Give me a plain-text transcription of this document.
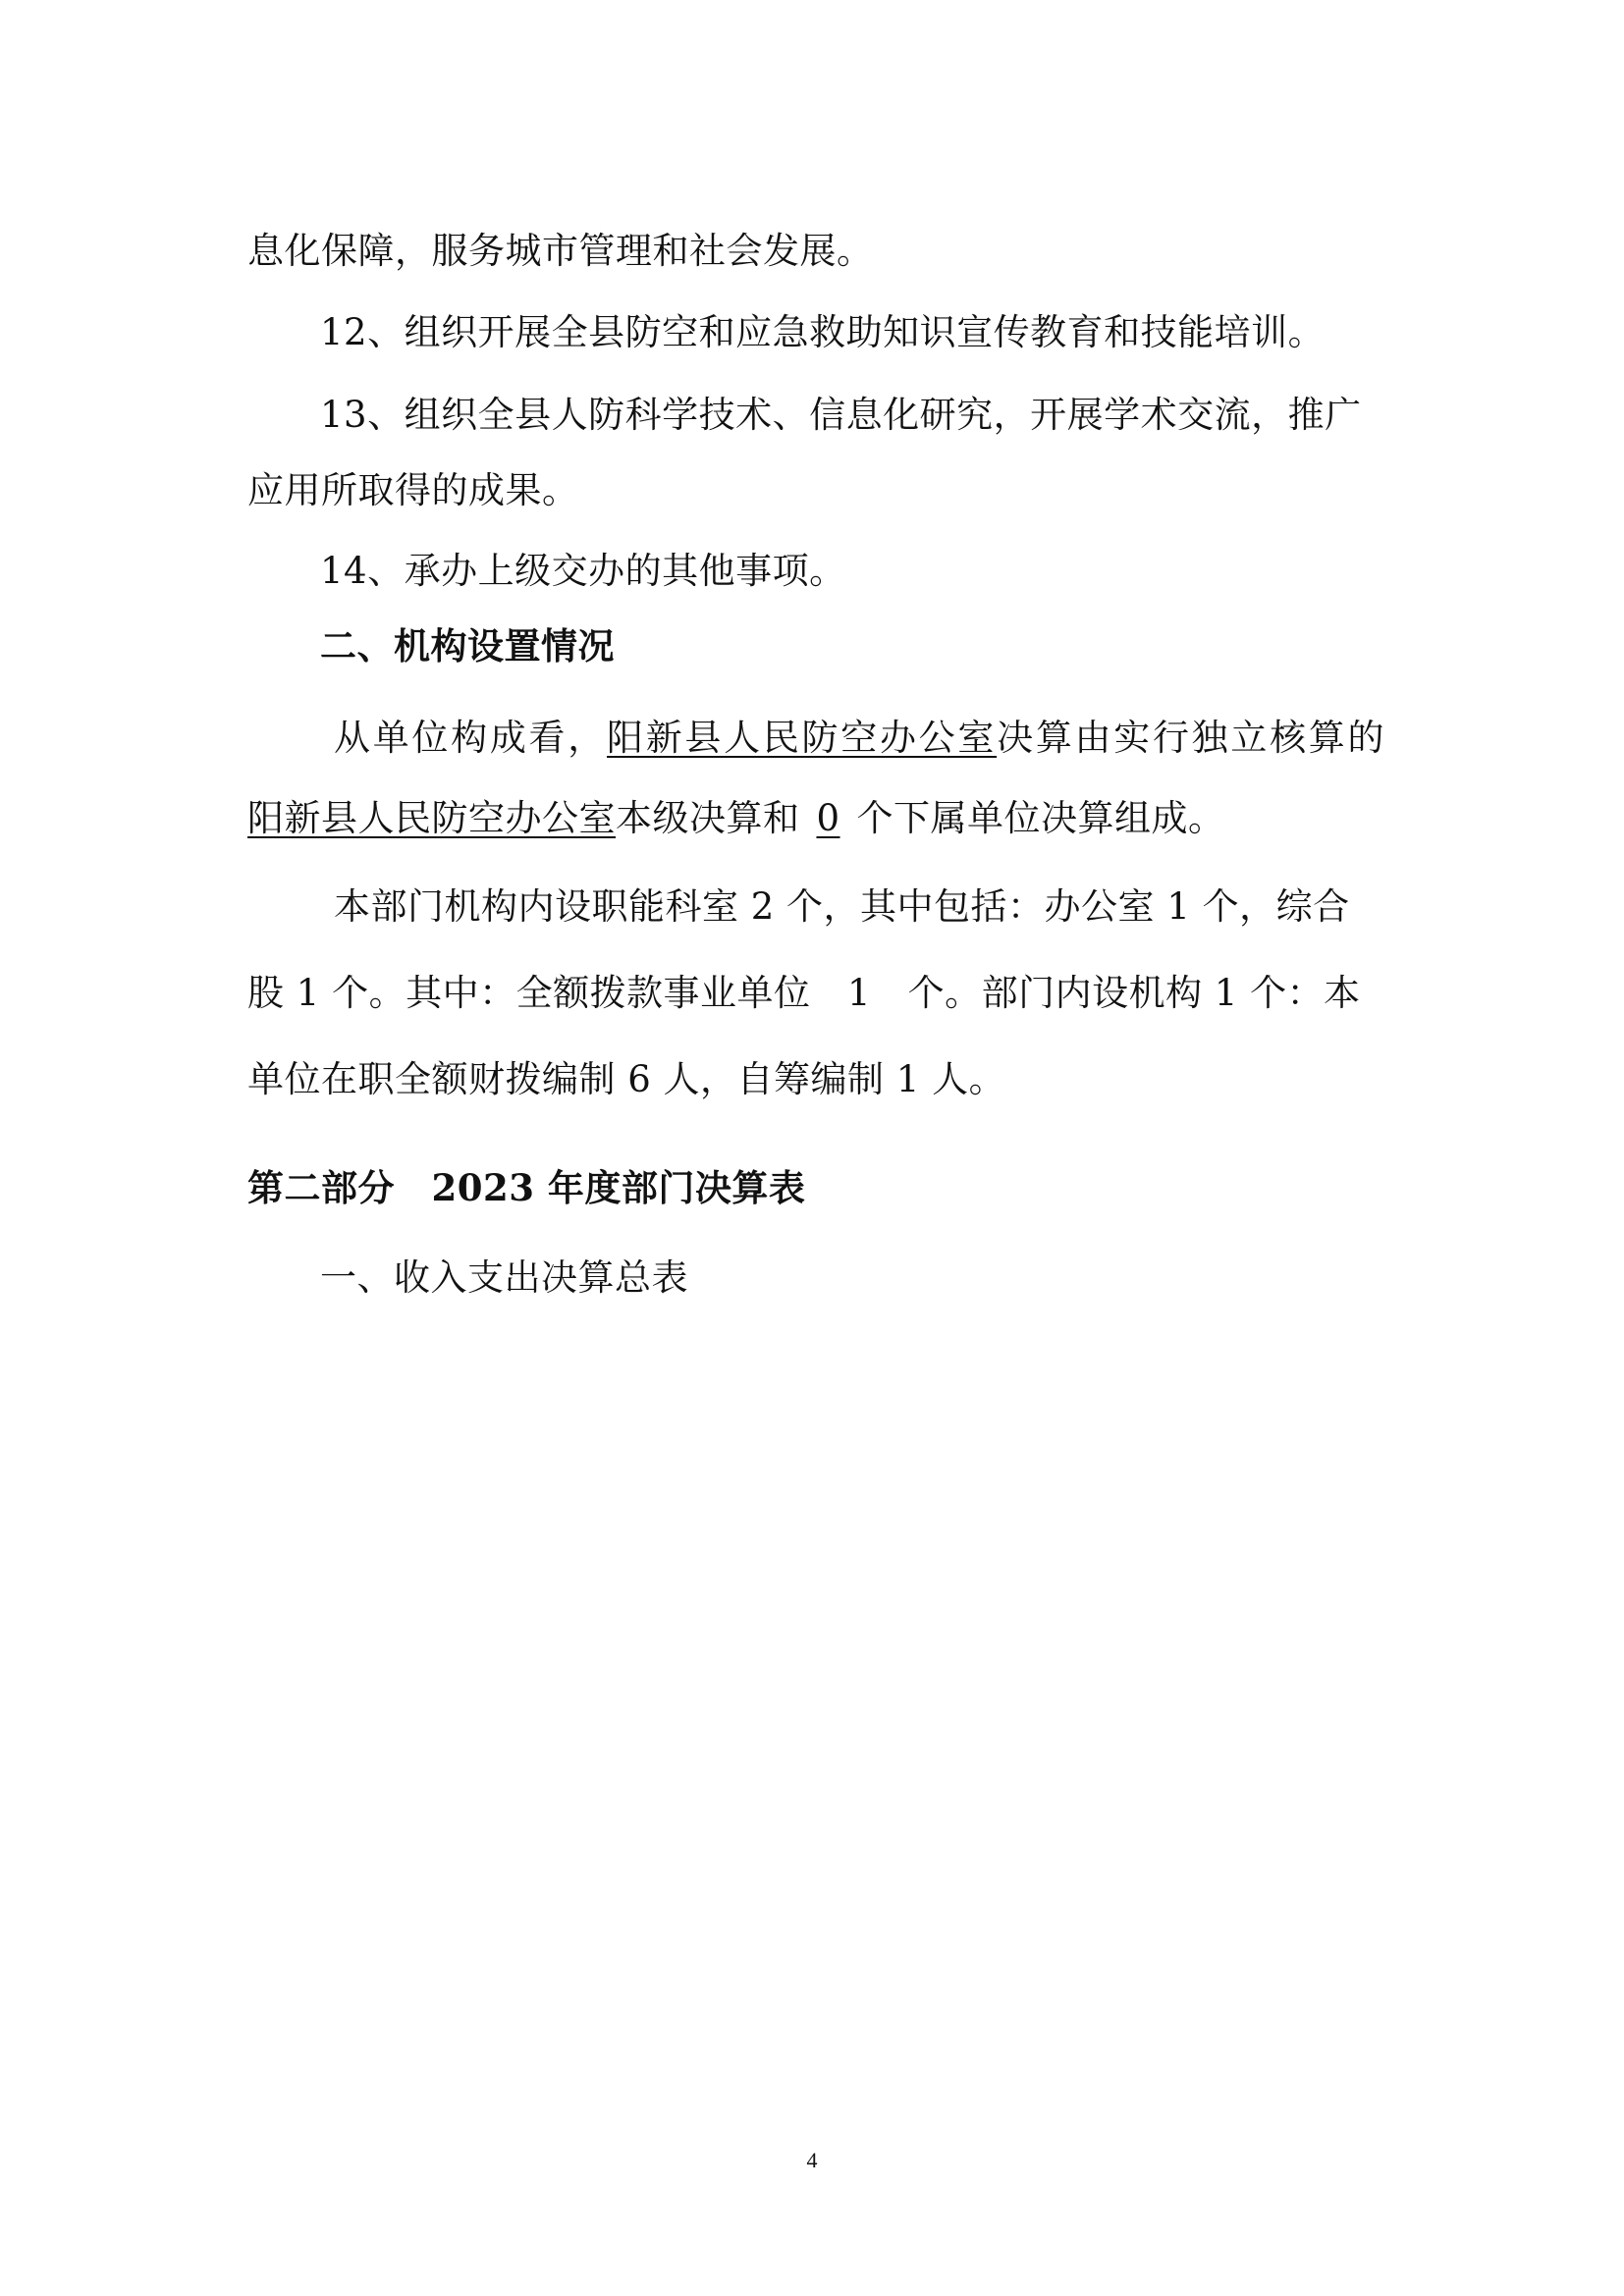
息化保障，服务城市管理和社会发展。
12、组织开展全县防空和应急救助知识宣传教育和技能培训。
13、组织全县人防科学技术、信息化研究，开展学术交流，推广
应用所取得的成果。
14、承办上级交办的其他事项。
二、机构设置情况
从单位构成看，阳新县人民防空办公室决算由实行独立核算的
阳新县人民防空办公室本级决算和 0 个下属单位决算组成。
本部门机构内设职能科室 2 个，其中包括：办公室 1 个，综合
股 1 个。其中：全额拨款事业单位　1　个。部门内设机构 1 个：本
单位在职全额财拨编制 6 人，自筹编制 1 人。
第二部分　2023 年度部门决算表
一、收入支出决算总表
4
